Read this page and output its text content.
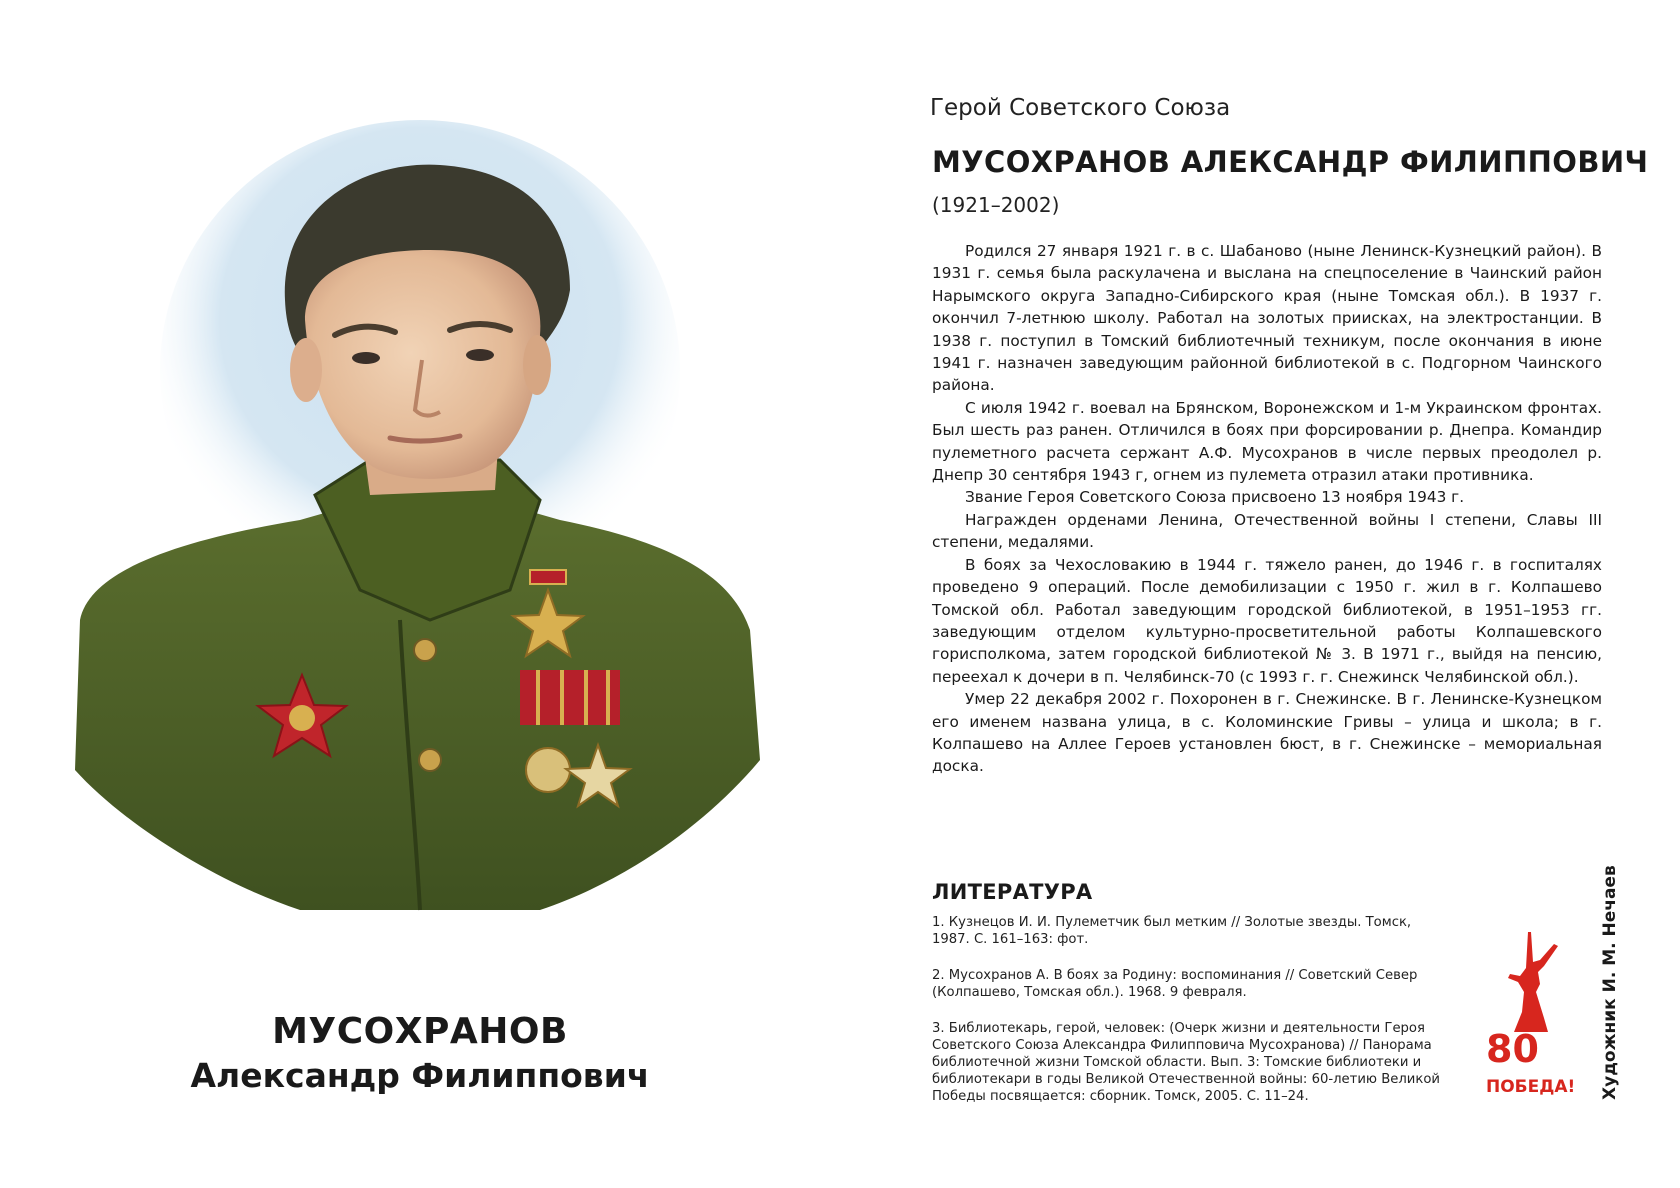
МУСОХРАНОВ
Александр Филиппович
Герой Советского Союза
МУСОХРАНОВ АЛЕКСАНДР ФИЛИППОВИЧ
(1921–2002)

Родился 27 января 1921 г. в с. Шабаново (ныне Ленинск-Кузнецкий район). В 1931 г. семья была раскулачена и выслана на спецпоселение в Чаинский район Нарымского округа Западно-Сибирского края (ныне Томская обл.). В 1937 г. окончил 7-летнюю школу. Работал на золотых приисках, на электростанции. В 1938 г. поступил в Томский библиотечный техникум, после окончания в июне 1941 г. назначен заведующим районной библиотекой в с. Подгорном Чаинского района.

С июля 1942 г. воевал на Брянском, Воронежском и 1-м Украинском фронтах. Был шесть раз ранен. Отличился в боях при форсировании р. Днепра. Командир пулеметного расчета сержант А.Ф. Мусохранов в числе первых преодолел р. Днепр 30 сентября 1943 г, огнем из пулемета отразил атаки противника.

Звание Героя Советского Союза присвоено 13 ноября 1943 г.

Награжден орденами Ленина, Отечественной войны I степени, Славы III степени, медалями.

В боях за Чехословакию в 1944 г. тяжело ранен, до 1946 г. в госпиталях проведено 9 операций. После демобилизации с 1950 г. жил в г. Колпашево Томской обл. Работал заведующим городской библиотекой, в 1951–1953 гг. заведующим отделом культурно-просветительной работы Колпашевского горисполкома, затем городской библиотекой № 3. В 1971 г., выйдя на пенсию, переехал к дочери в п. Челябинск-70 (с 1993 г. г. Снежинск Челябинской обл.).

Умер 22 декабря 2002 г. Похоронен в г. Снежинске. В г. Ленинске-Кузнецком его именем названа улица, в с. Коломинские Гривы – улица и школа; в г. Колпашево на Аллее Героев установлен бюст, в г. Снежинске – мемориальная доска.

ЛИТЕРАТУРА

1. Кузнецов И. И. Пулеметчик был метким // Золотые звезды. Томск, 1987. С. 161–163: фот.

2. Мусохранов А. В боях за Родину: воспоминания // Советский Север (Колпашево, Томская обл.). 1968. 9 февраля.

3. Библиотекарь, герой, человек: (Очерк жизни и деятельности Героя Советского Союза Александра Филипповича Мусохранова) // Панорама библиотечной жизни Томской области. Вып. 3: Томские библиотеки и библиотекари в годы Великой Отечественной войны: 60-летию Великой Победы посвящается: сборник. Томск, 2005. С. 11–24.

80
ПОБЕДА! Художник И. М. Нечаев
